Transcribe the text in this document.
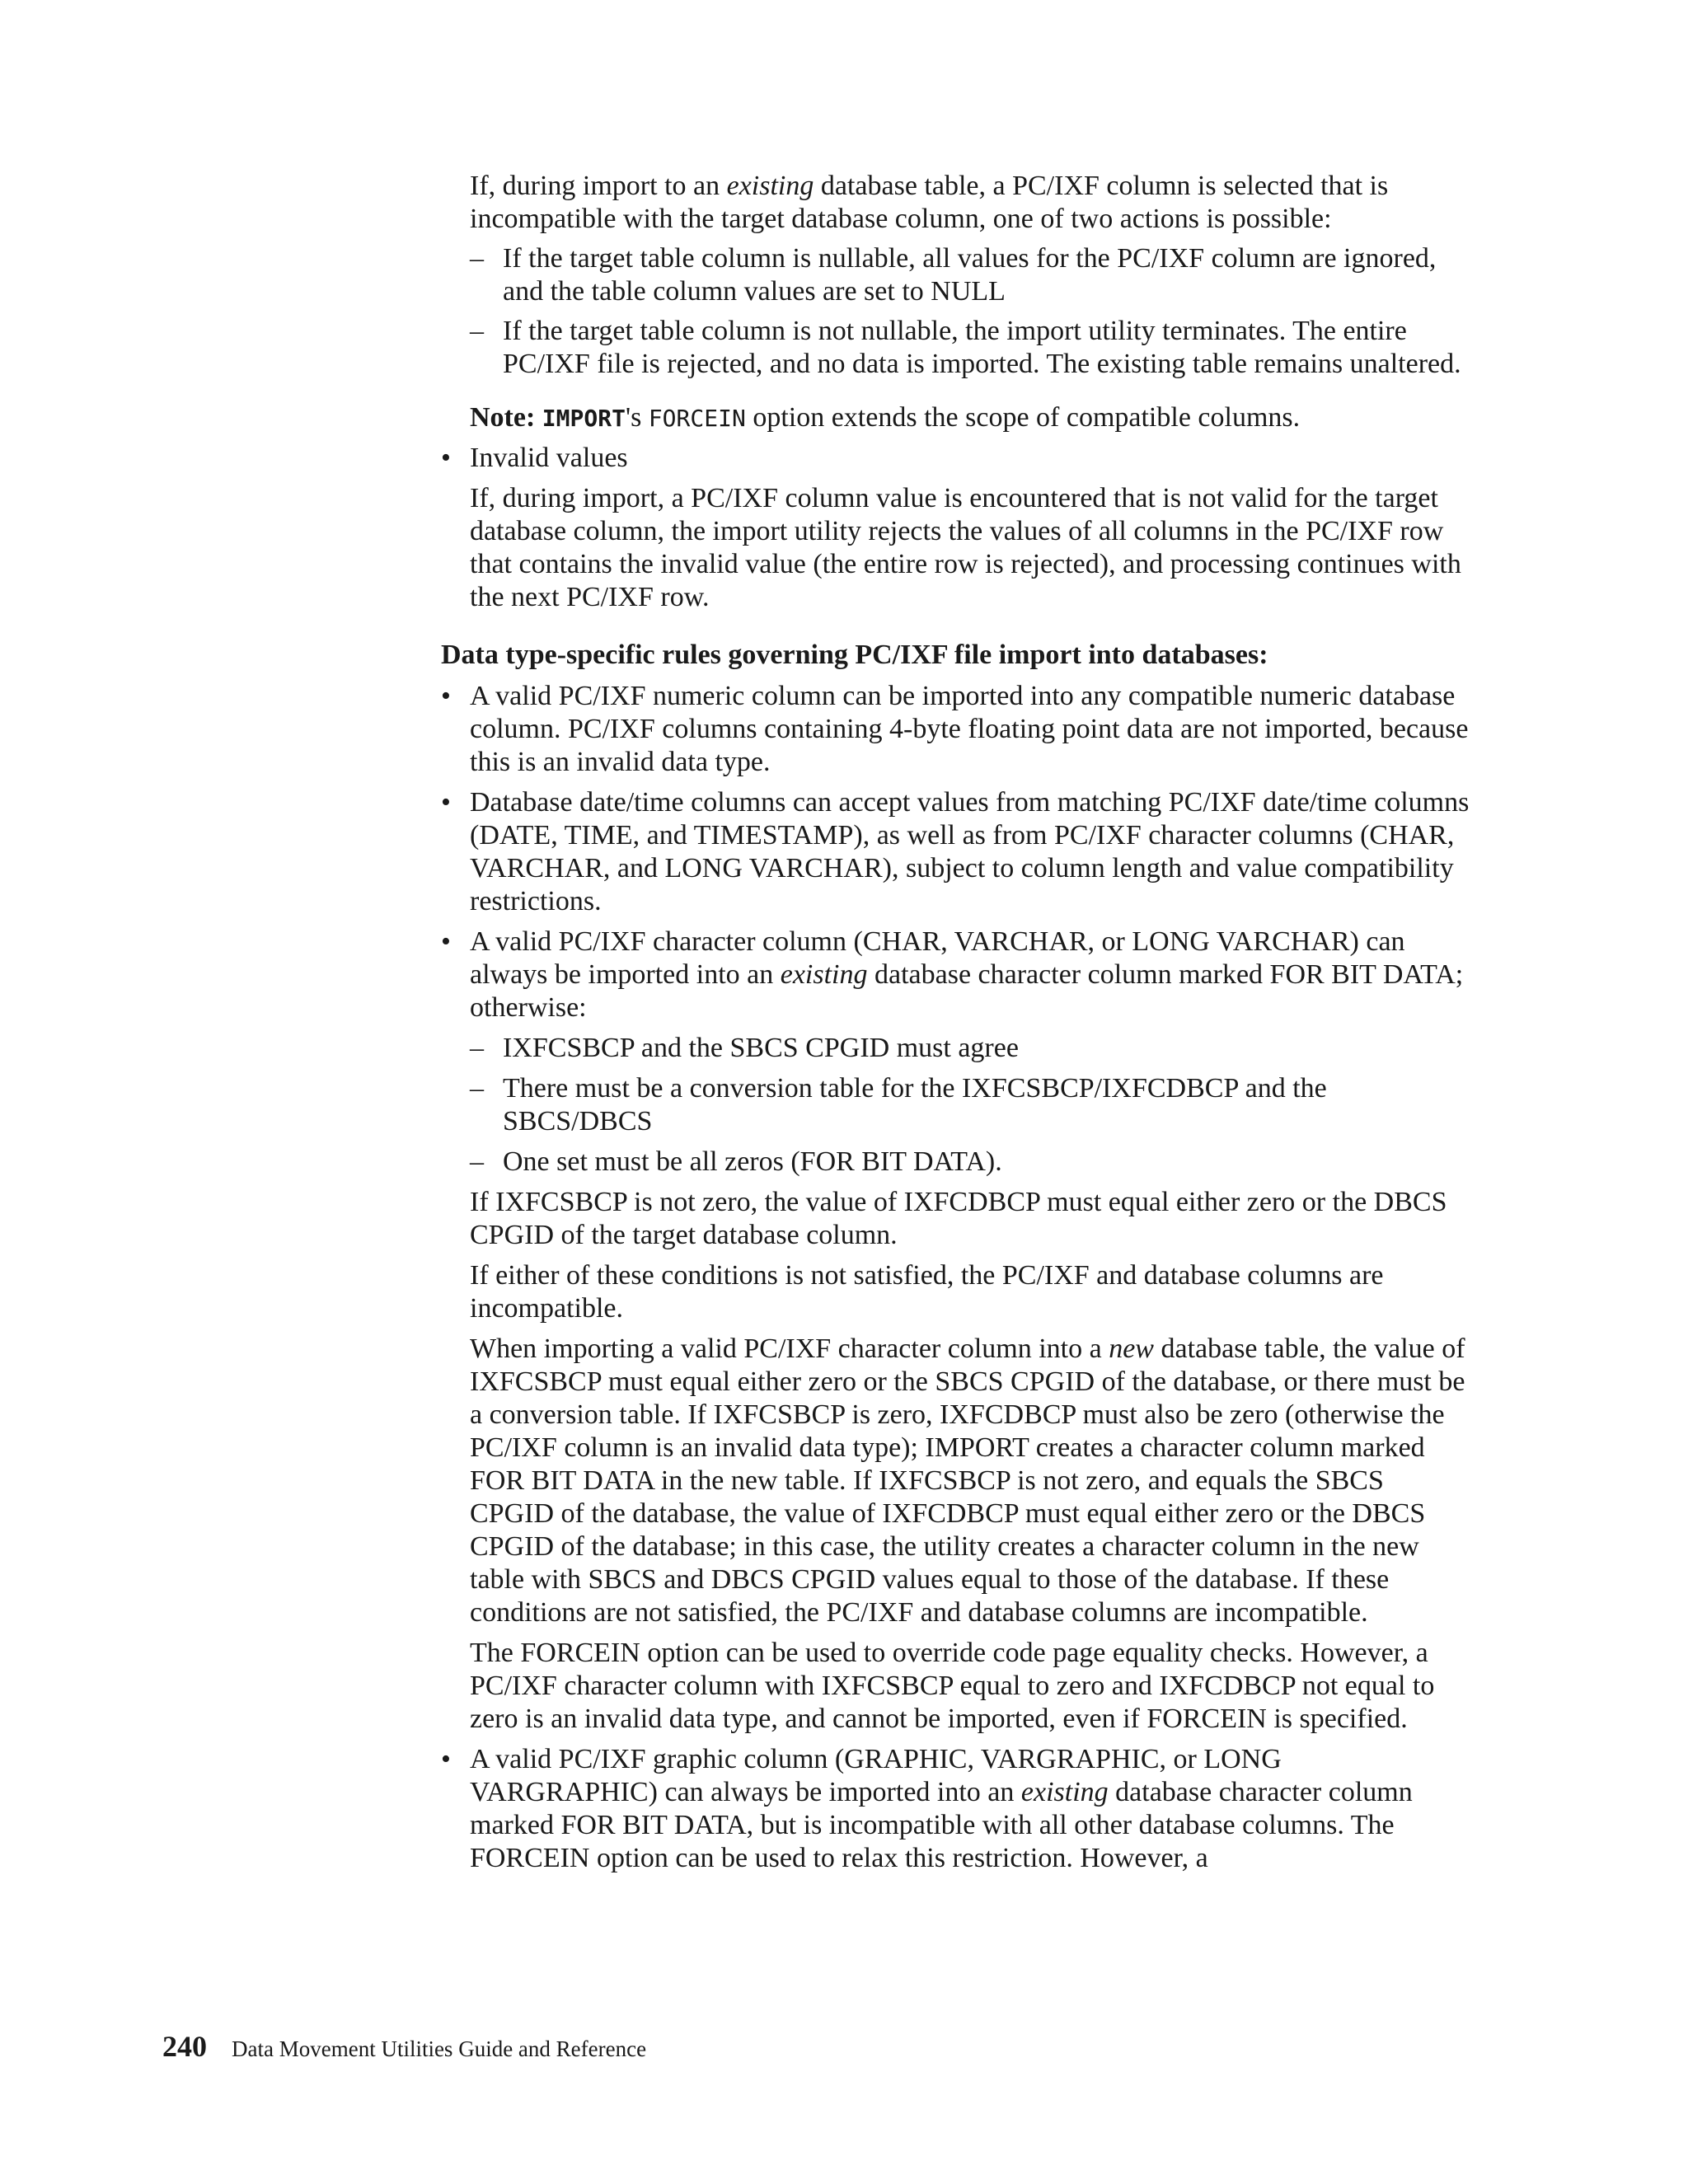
If, during import to an existing database table, a PC/IXF column is selected that is incompatible with the target database column, one of two actions is possible:

– If the target table column is nullable, all values for the PC/IXF column are ignored, and the table column values are set to NULL

– If the target table column is not nullable, the import utility terminates. The entire PC/IXF file is rejected, and no data is imported. The existing table remains unaltered.

Note: IMPORT's FORCEIN option extends the scope of compatible columns.

• Invalid values

If, during import, a PC/IXF column value is encountered that is not valid for the target database column, the import utility rejects the values of all columns in the PC/IXF row that contains the invalid value (the entire row is rejected), and processing continues with the next PC/IXF row.

Data type-specific rules governing PC/IXF file import into databases:

• A valid PC/IXF numeric column can be imported into any compatible numeric database column. PC/IXF columns containing 4-byte floating point data are not imported, because this is an invalid data type.

• Database date/time columns can accept values from matching PC/IXF date/time columns (DATE, TIME, and TIMESTAMP), as well as from PC/IXF character columns (CHAR, VARCHAR, and LONG VARCHAR), subject to column length and value compatibility restrictions.

• A valid PC/IXF character column (CHAR, VARCHAR, or LONG VARCHAR) can always be imported into an existing database character column marked FOR BIT DATA; otherwise:

– IXFCSBCP and the SBCS CPGID must agree

– There must be a conversion table for the IXFCSBCP/IXFCDBCP and the SBCS/DBCS

– One set must be all zeros (FOR BIT DATA).

If IXFCSBCP is not zero, the value of IXFCDBCP must equal either zero or the DBCS CPGID of the target database column.

If either of these conditions is not satisfied, the PC/IXF and database columns are incompatible.

When importing a valid PC/IXF character column into a new database table, the value of IXFCSBCP must equal either zero or the SBCS CPGID of the database, or there must be a conversion table. If IXFCSBCP is zero, IXFCDBCP must also be zero (otherwise the PC/IXF column is an invalid data type); IMPORT creates a character column marked FOR BIT DATA in the new table. If IXFCSBCP is not zero, and equals the SBCS CPGID of the database, the value of IXFCDBCP must equal either zero or the DBCS CPGID of the database; in this case, the utility creates a character column in the new table with SBCS and DBCS CPGID values equal to those of the database. If these conditions are not satisfied, the PC/IXF and database columns are incompatible.

The FORCEIN option can be used to override code page equality checks. However, a PC/IXF character column with IXFCSBCP equal to zero and IXFCDBCP not equal to zero is an invalid data type, and cannot be imported, even if FORCEIN is specified.

• A valid PC/IXF graphic column (GRAPHIC, VARGRAPHIC, or LONG VARGRAPHIC) can always be imported into an existing database character column marked FOR BIT DATA, but is incompatible with all other database columns. The FORCEIN option can be used to relax this restriction. However, a

240 Data Movement Utilities Guide and Reference
